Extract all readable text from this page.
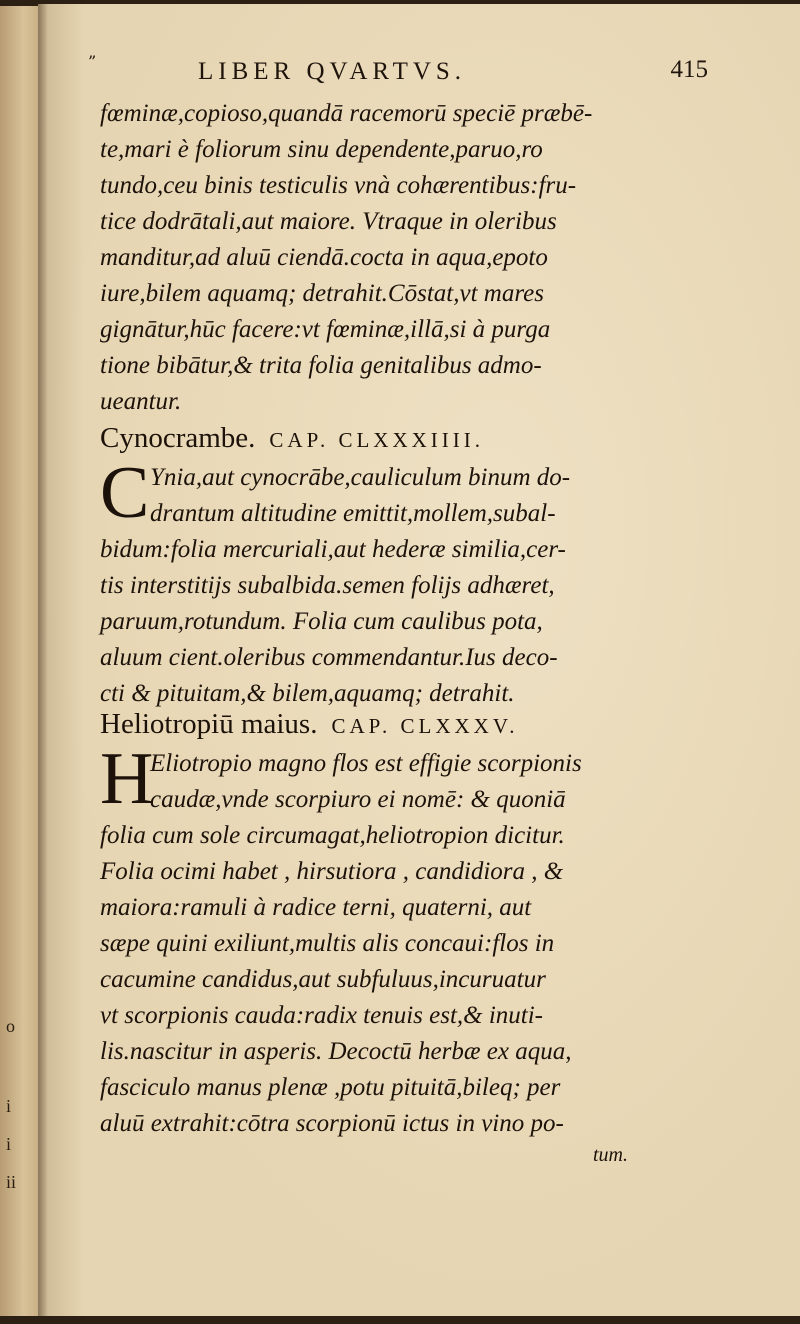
o
i
i
ii
”	LIBER QVARTVS.	415
fœminæ,copioso,quandā racemorū speciē præbē-
te,mari è foliorum sinu dependente,paruo,ro
tundo,ceu binis testiculis vnà cohærentibus:fru-
tice dodrātali,aut maiore. Vtraque in oleribus
manditur,ad aluū ciendā.cocta in aqua,epoto
iure,bilem aquamq; detrahit.Cōstat,vt mares
gignātur,hūc facere:vt fœminæ,illā,si à purga
tione bibātur,& trita folia genitalibus admo-
ueantur.
Cynocrambe. CAP. CLXXXIIII.
C Ynia,aut cynocrābe,cauliculum binum do-
drantum altitudine emittit,mollem,subal-
bidum:folia mercuriali,aut hederæ similia,cer-
tis interstitijs subalbida.semen folijs adhæret,
paruum,rotundum. Folia cum caulibus pota,
aluum cient.oleribus commendantur.Ius deco-
cti & pituitam,& bilem,aquamq; detrahit.
Heliotropiū maius. CAP. CLXXXV.
H
Eliotropio magno flos est effigie scorpionis
caudæ,vnde scorpiuro ei nomē: & quoniā
folia cum sole circumagat,heliotropion dicitur.
Folia ocimi habet , hirsutiora , candidiora , &
maiora:ramuli à radice terni, quaterni, aut
sæpe quini exiliunt,multis alis concaui:flos in
cacumine candidus,aut subfuluus,incuruatur
vt scorpionis cauda:radix tenuis est,& inuti-
lis.nascitur in asperis. Decoctū herbæ ex aqua,
fasciculo manus plenæ ,potu pituitā,bileq; per
aluū extrahit:cōtra scorpionū ictus in vino po-
tum.
